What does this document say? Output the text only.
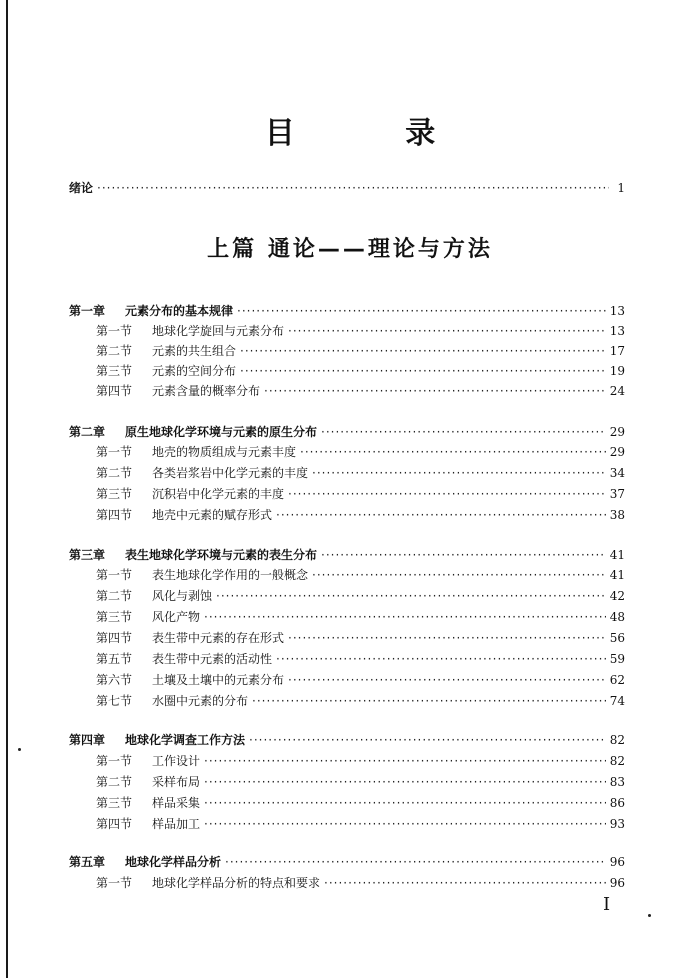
目 录
绪论 ·····	1
上篇 通论——理论与方法
第一章	元素分布的基本规律 ·····	13
第一节	地球化学旋回与元素分布 ·····	13
第二节	元素的共生组合 ·····	17
第三节	元素的空间分布 ·····	19
第四节	元素含量的概率分布 ·····	24
第二章	原生地球化学环境与元素的原生分布 ·····	29
第一节	地壳的物质组成与元素丰度 ·····	29
第二节	各类岩浆岩中化学元素的丰度 ·····	34
第三节	沉积岩中化学元素的丰度 ·····	37
第四节	地壳中元素的赋存形式 ·····	38
第三章	表生地球化学环境与元素的表生分布 ·····	41
第一节	表生地球化学作用的一般概念 ·····	41
第二节	风化与剥蚀 ·····	42
第三节	风化产物 ·····	48
第四节	表生带中元素的存在形式 ·····	56
第五节	表生带中元素的活动性 ·····	59
第六节	土壤及土壤中的元素分布 ·····	62
第七节	水圈中元素的分布 ·····	74
第四章	地球化学调查工作方法 ·····	82
第一节	工作设计 ·····	82
第二节	采样布局 ·····	83
第三节	样品采集 ·····	86
第四节	样品加工 ·····	93
第五章	地球化学样品分析 ·····	96
第一节	地球化学样品分析的特点和要求 ·····	96
I
